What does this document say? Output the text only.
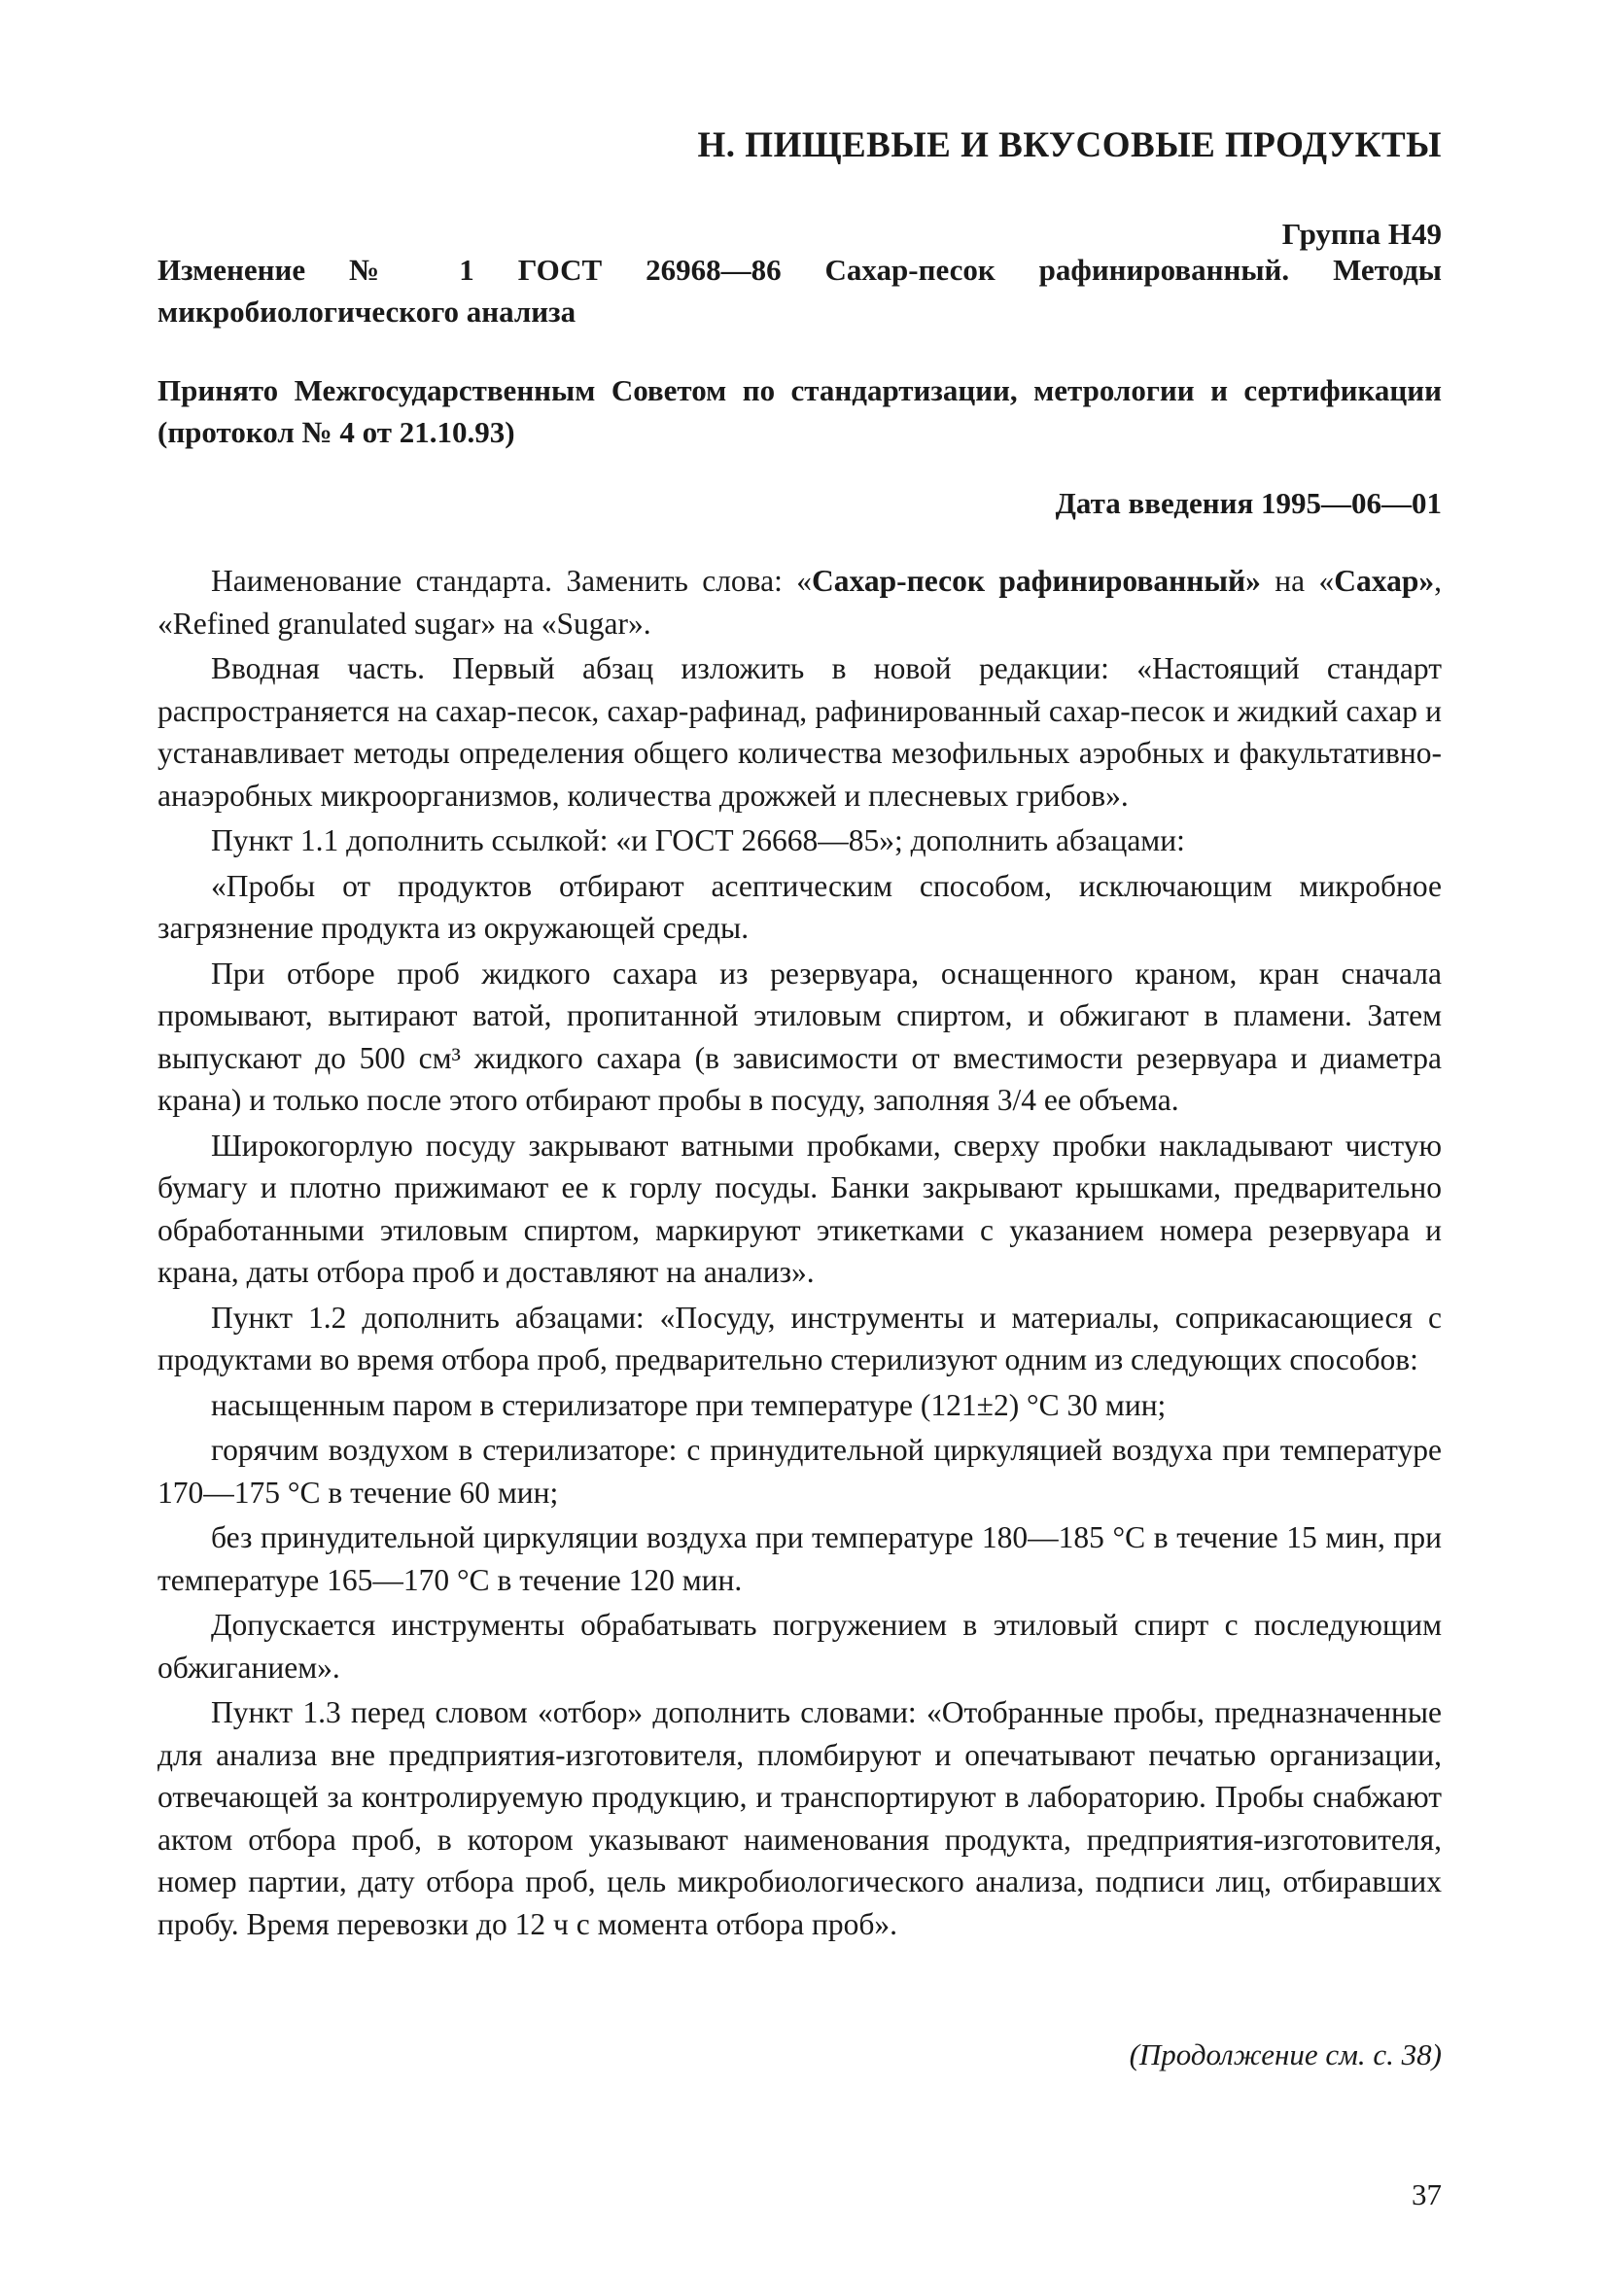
Н. ПИЩЕВЫЕ И ВКУСОВЫЕ ПРОДУКТЫ
Группа Н49
Изменение № 1 ГОСТ 26968—86 Сахар-песок рафинированный. Методы микробиологического анализа
Принято Межгосударственным Советом по стандартизации, метрологии и сертификации (протокол № 4 от 21.10.93)
Дата введения 1995—06—01

Наименование стандарта. Заменить слова: «Сахар-песок рафинированный» на «Сахар», «Refined granulated sugar» на «Sugar».

Вводная часть. Первый абзац изложить в новой редакции: «Настоящий стандарт распространяется на сахар-песок, сахар-рафинад, рафинированный сахар-песок и жидкий сахар и устанавливает методы определения общего количества мезофильных аэробных и факультативно-анаэробных микроорганизмов, количества дрожжей и плесневых грибов».

Пункт 1.1 дополнить ссылкой: «и ГОСТ 26668—85»; дополнить абзацами:

«Пробы от продуктов отбирают асептическим способом, исключающим микробное загрязнение продукта из окружающей среды.

При отборе проб жидкого сахара из резервуара, оснащенного краном, кран сначала промывают, вытирают ватой, пропитанной этиловым спиртом, и обжигают в пламени. Затем выпускают до 500 см³ жидкого сахара (в зависимости от вместимости резервуара и диаметра крана) и только после этого отбирают пробы в посуду, заполняя 3/4 ее объема.

Широкогорлую посуду закрывают ватными пробками, сверху пробки накладывают чистую бумагу и плотно прижимают ее к горлу посуды. Банки закрывают крышками, предварительно обработанными этиловым спиртом, маркируют этикетками с указанием номера резервуара и крана, даты отбора проб и доставляют на анализ».

Пункт 1.2 дополнить абзацами: «Посуду, инструменты и материалы, соприкасающиеся с продуктами во время отбора проб, предварительно стерилизуют одним из следующих способов:

насыщенным паром в стерилизаторе при температуре (121±2) °С 30 мин;

горячим воздухом в стерилизаторе: с принудительной циркуляцией воздуха при температуре 170—175 °С в течение 60 мин;

без принудительной циркуляции воздуха при температуре 180—185 °С в течение 15 мин, при температуре 165—170 °С в течение 120 мин.

Допускается инструменты обрабатывать погружением в этиловый спирт с последующим обжиганием».

Пункт 1.3 перед словом «отбор» дополнить словами: «Отобранные пробы, предназначенные для анализа вне предприятия-изготовителя, пломбируют и опечатывают печатью организации, отвечающей за контролируемую продукцию, и транспортируют в лабораторию. Пробы снабжают актом отбора проб, в котором указывают наименования продукта, предприятия-изготовителя, номер партии, дату отбора проб, цель микробиологического анализа, подписи лиц, отбиравших пробу. Время перевозки до 12 ч с момента отбора проб».

(Продолжение см. с. 38)
37
